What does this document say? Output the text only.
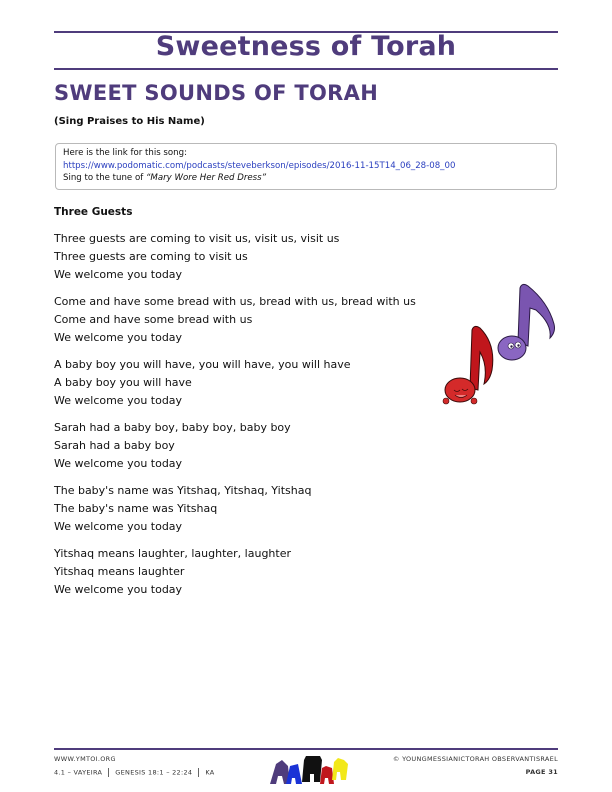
Sweetness of Torah
SWEET SOUNDS OF TORAH
(Sing Praises to His Name)
Here is the link for this song:
https://www.podomatic.com/podcasts/steveberkson/episodes/2016-11-15T14_06_28-08_00
Sing to the tune of “Mary Wore Her Red Dress”
Three Guests
Three guests are coming to visit us, visit us, visit us
Three guests are coming to visit us
We welcome you today
Come and have some bread with us, bread with us, bread with us
Come and have some bread with us
We welcome you today
A baby boy you will have, you will have, you will have
A baby boy you will have
We welcome you today
Sarah had a baby boy, baby boy, baby boy
Sarah had a baby boy
We welcome you today
The baby's name was Yitshaq, Yitshaq, Yitshaq
The baby's name was Yitshaq
We welcome you today
Yitshaq means laughter, laughter, laughter
Yitshaq means laughter
We welcome you today
WWW.YMTOI.ORG
4.1 – VAYEIRA GENESIS 18:1 – 22:24 KA
© YOUNGMESSIANICTORAH OBSERVANTISRAEL
PAGE 31
